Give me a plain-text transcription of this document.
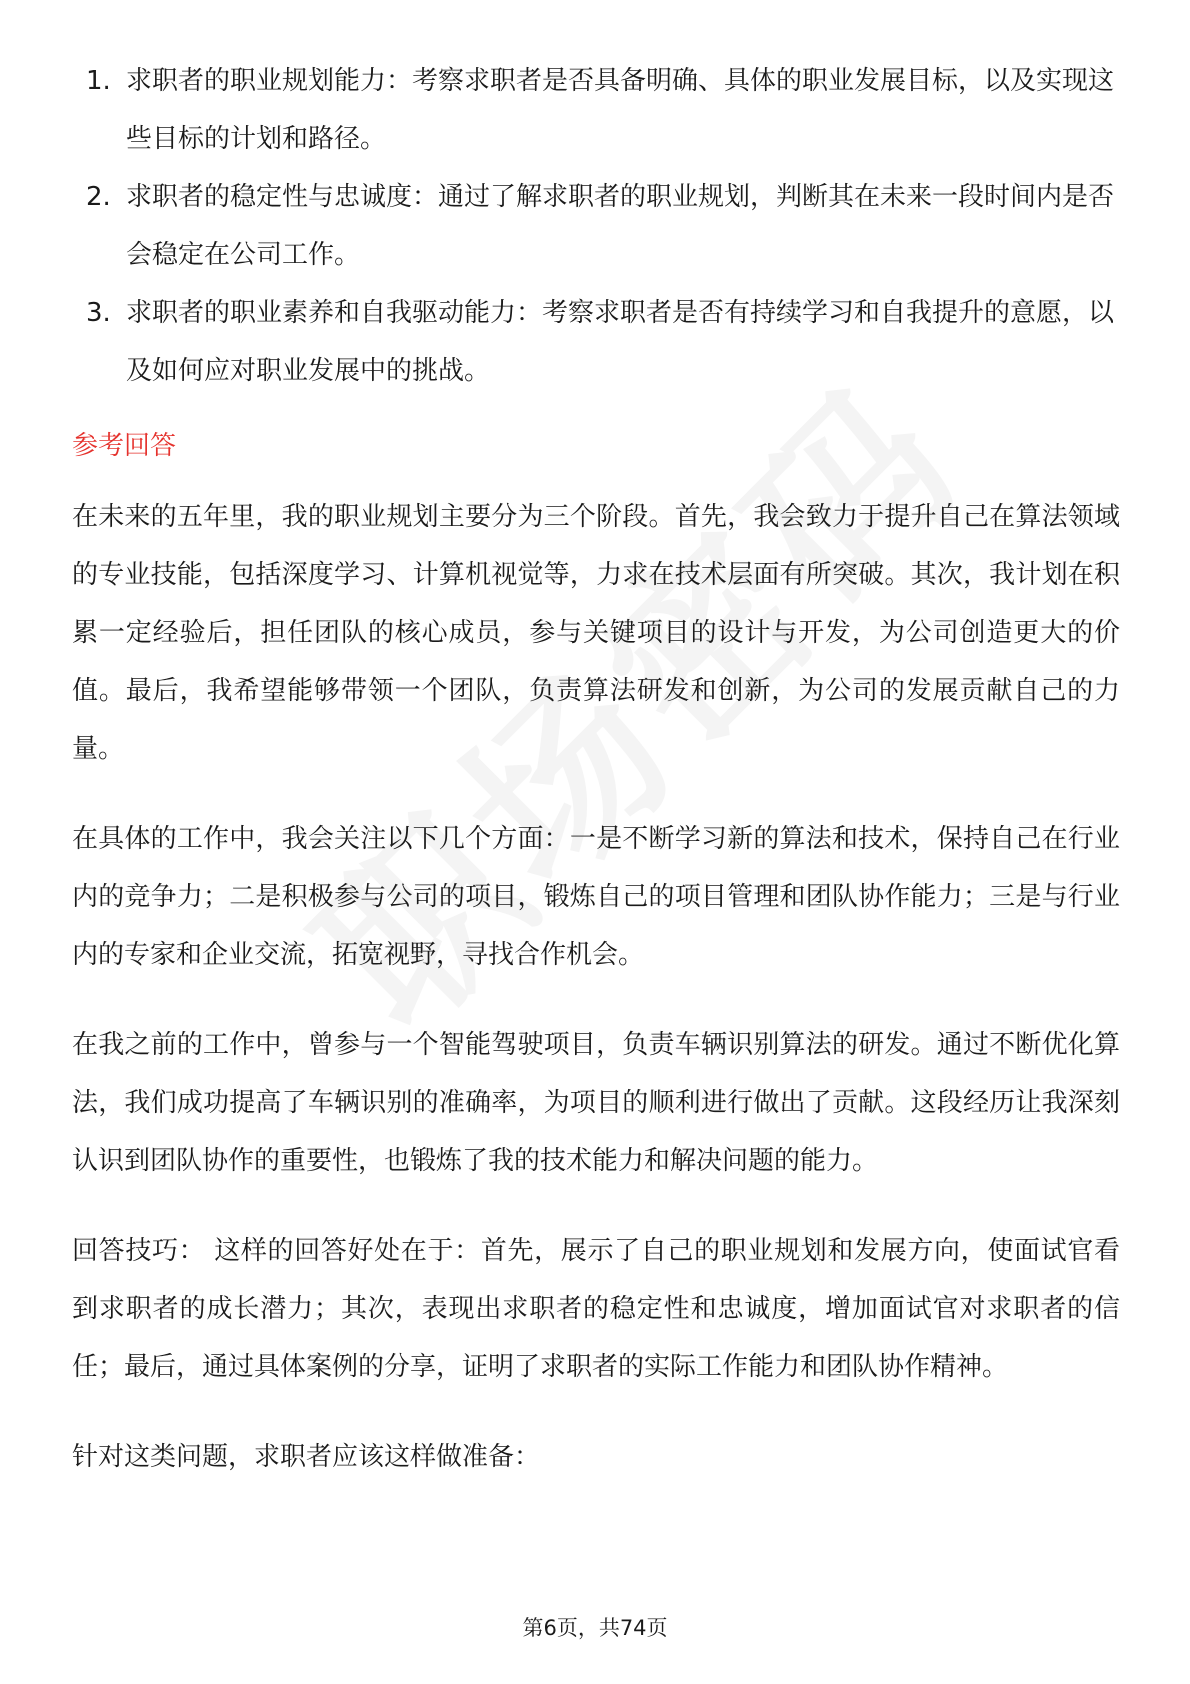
1. 求职者的职业规划能力：考察求职者是否具备明确、具体的职业发展目标，以及实现这些目标的计划和路径。
2. 求职者的稳定性与忠诚度：通过了解求职者的职业规划，判断其在未来一段时间内是否会稳定在公司工作。
3. 求职者的职业素养和自我驱动能力：考察求职者是否有持续学习和自我提升的意愿，以及如何应对职业发展中的挑战。
参考回答

在未来的五年里，我的职业规划主要分为三个阶段。首先，我会致力于提升自己在算法领域的专业技能，包括深度学习、计算机视觉等，力求在技术层面有所突破。其次，我计划在积累一定经验后，担任团队的核心成员，参与关键项目的设计与开发，为公司创造更大的价值。最后，我希望能够带领一个团队，负责算法研发和创新，为公司的发展贡献自己的力量。

在具体的工作中，我会关注以下几个方面：一是不断学习新的算法和技术，保持自己在行业内的竞争力；二是积极参与公司的项目，锻炼自己的项目管理和团队协作能力；三是与行业内的专家和企业交流，拓宽视野，寻找合作机会。

在我之前的工作中，曾参与一个智能驾驶项目，负责车辆识别算法的研发。通过不断优化算法，我们成功提高了车辆识别的准确率，为项目的顺利进行做出了贡献。这段经历让我深刻认识到团队协作的重要性，也锻炼了我的技术能力和解决问题的能力。

回答技巧： 这样的回答好处在于：首先，展示了自己的职业规划和发展方向，使面试官看到求职者的成长潜力；其次，表现出求职者的稳定性和忠诚度，增加面试官对求职者的信任；最后，通过具体案例的分享，证明了求职者的实际工作能力和团队协作精神。

针对这类问题，求职者应该这样做准备：

第6页，共74页
